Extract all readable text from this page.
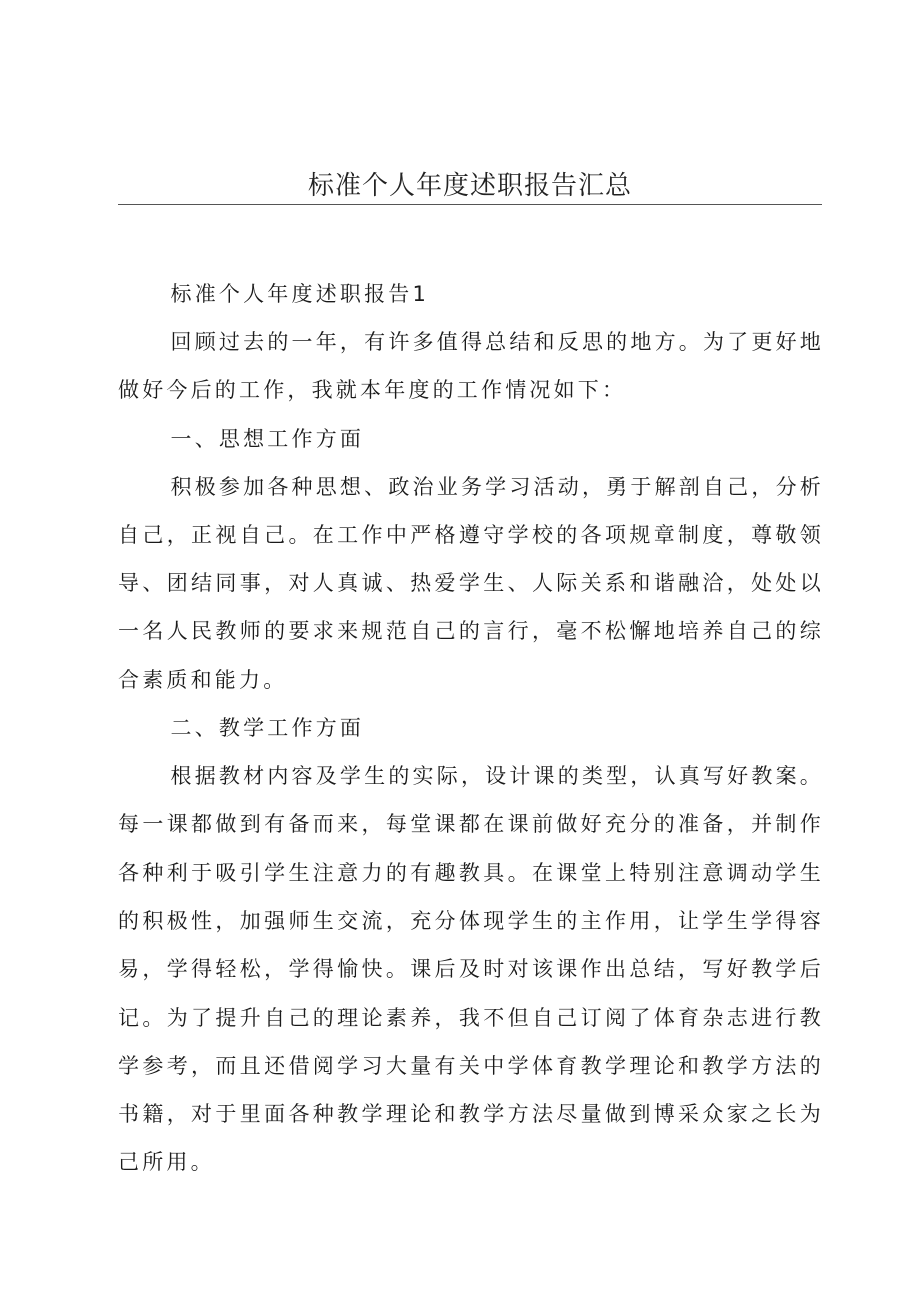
标准个人年度述职报告汇总

标准个人年度述职报告1

回顾过去的一年，有许多值得总结和反思的地方。为了更好地做好今后的工作，我就本年度的工作情况如下：

一、思想工作方面

积极参加各种思想、政治业务学习活动，勇于解剖自己，分析自己，正视自己。在工作中严格遵守学校的各项规章制度，尊敬领导、团结同事，对人真诚、热爱学生、人际关系和谐融洽，处处以一名人民教师的要求来规范自己的言行，毫不松懈地培养自己的综合素质和能力。

二、教学工作方面

根据教材内容及学生的实际，设计课的类型，认真写好教案。每一课都做到有备而来，每堂课都在课前做好充分的准备，并制作各种利于吸引学生注意力的有趣教具。在课堂上特别注意调动学生的积极性，加强师生交流，充分体现学生的主作用，让学生学得容易，学得轻松，学得愉快。课后及时对该课作出总结，写好教学后记。为了提升自己的理论素养，我不但自己订阅了体育杂志进行教学参考，而且还借阅学习大量有关中学体育教学理论和教学方法的书籍，对于里面各种教学理论和教学方法尽量做到博采众家之长为己所用。
